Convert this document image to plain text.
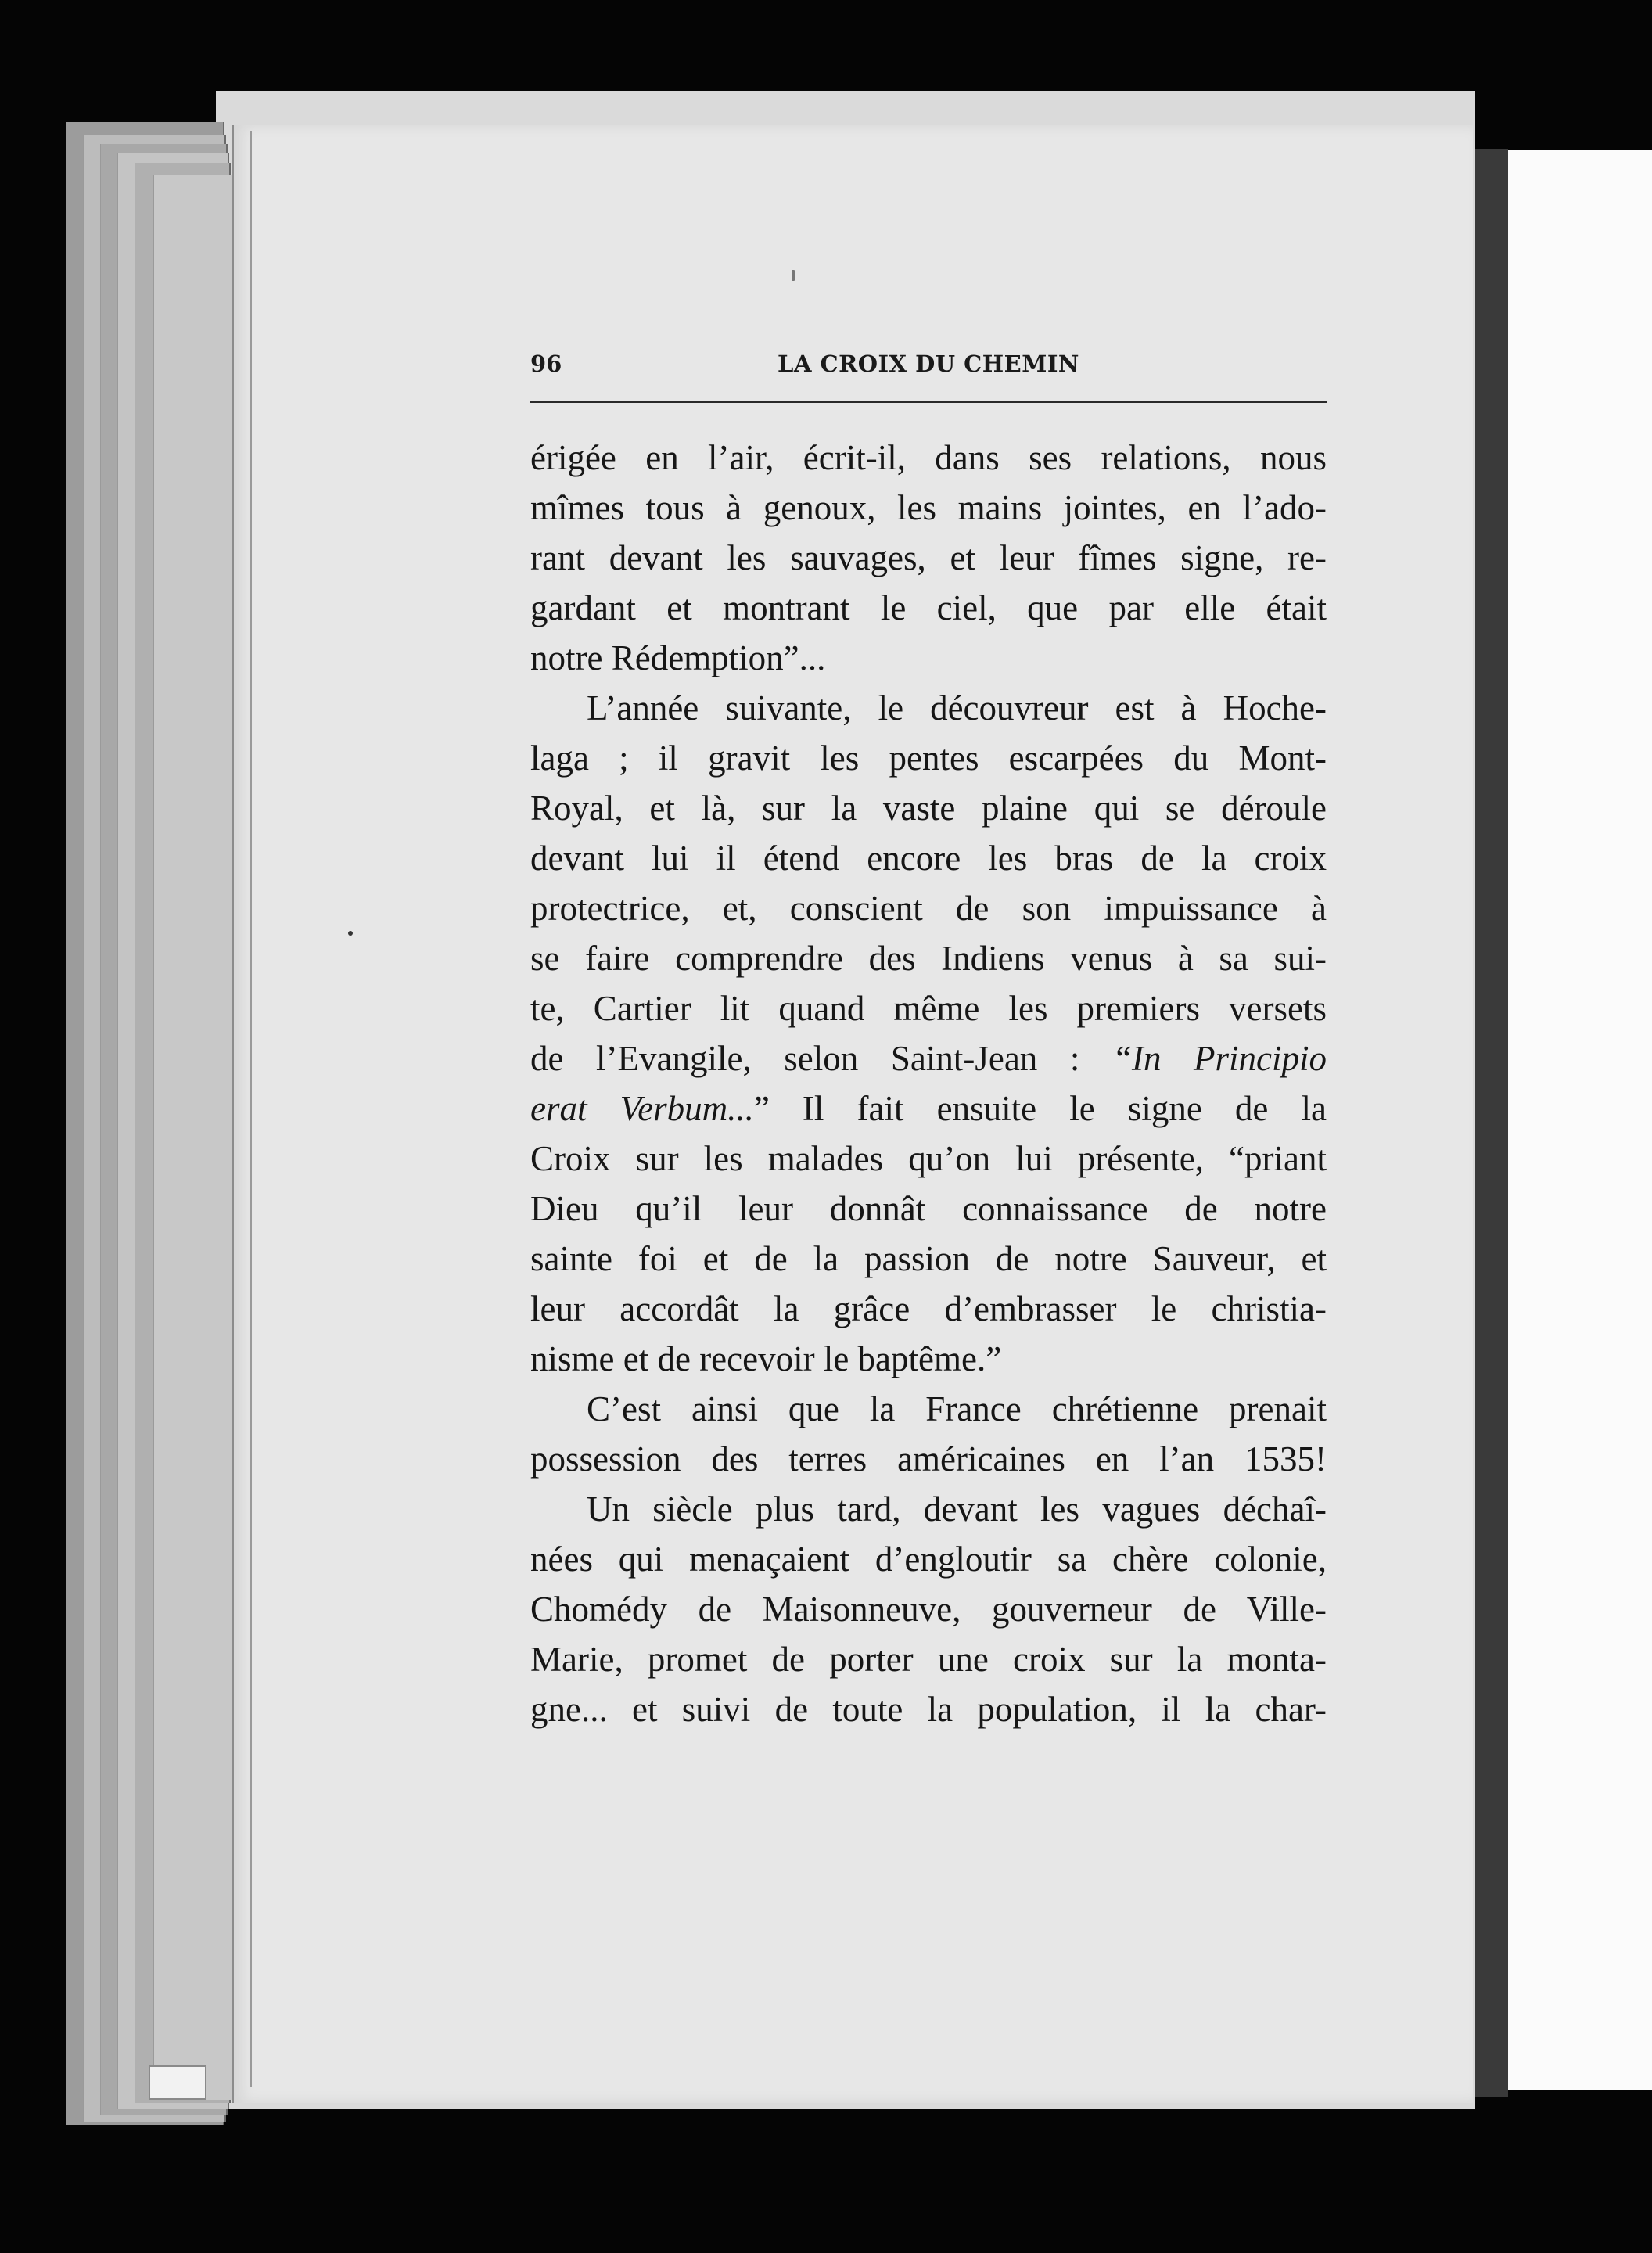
96	LA CROIX DU CHEMIN
érigée en l’air, écrit-il, dans ses relations, nous
mîmes tous à genoux, les mains jointes, en l’ado-
rant devant les sauvages, et leur fîmes signe, re-
gardant et montrant le ciel, que par elle était
notre Rédemption”...
L’année suivante, le découvreur est à Hoche-
laga ; il gravit les pentes escarpées du Mont-
Royal, et là, sur la vaste plaine qui se déroule
devant lui il étend encore les bras de la croix
protectrice, et, conscient de son impuissance à
se faire comprendre des Indiens venus à sa sui-
te, Cartier lit quand même les premiers versets
de l’Evangile, selon Saint-Jean : “In Principio
erat Verbum...” Il fait ensuite le signe de la
Croix sur les malades qu’on lui présente, “priant
Dieu qu’il leur donnât connaissance de notre
sainte foi et de la passion de notre Sauveur, et
leur accordât la grâce d’embrasser le christia-
nisme et de recevoir le baptême.”
C’est ainsi que la France chrétienne prenait
possession des terres américaines en l’an 1535!
Un siècle plus tard, devant les vagues déchaî-
nées qui menaçaient d’engloutir sa chère colonie,
Chomédy de Maisonneuve, gouverneur de Ville-
Marie, promet de porter une croix sur la monta-
gne... et suivi de toute la population, il la char-
